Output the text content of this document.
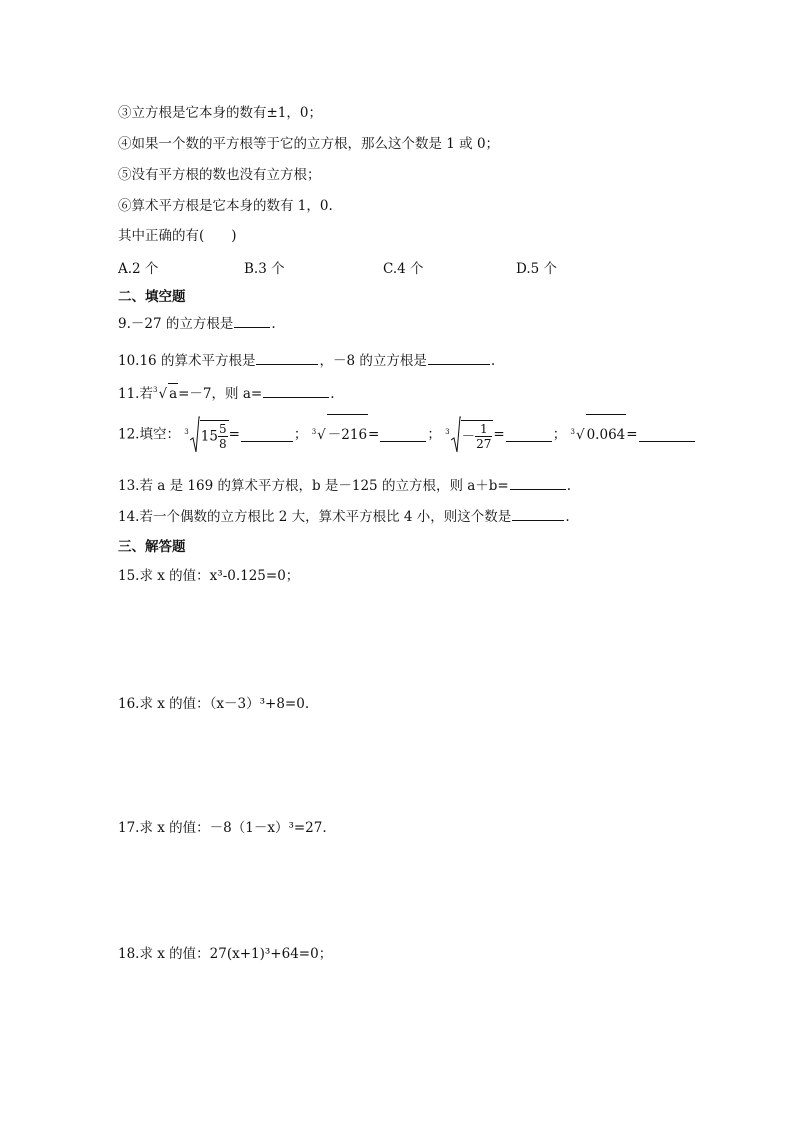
③立方根是它本身的数有±1，0；
④如果一个数的平方根等于它的立方根，那么这个数是 1 或 0；
⑤没有平方根的数也没有立方根；
⑥算术平方根是它本身的数有 1，0.
其中正确的有(　　)
A.2 个	B.3 个	C.4 个	D.5 个
二、填空题
9.－27 的立方根是	.
10.16 的算术平方根是	，－8 的立方根是	.
11.若$^3$√ a=－7，则 a=	.
12.填空： $^3$ $15 \frac{5}{8}$ =	； $^3$√ －216=	； $^3 - \frac{1}{27}$ =	； $^3$√ 0.064=
13.若 a 是 169 的算术平方根，b 是－125 的立方根，则 a＋b=	.
14.若一个偶数的立方根比 2 大，算术平方根比 4 小，则这个数是	.
三、解答题
15.求 x 的值：x³-0.125=0；
16.求 x 的值：（x－3）³+8=0.
17.求 x 的值：－8（1－x）³=27.
18.求 x 的值：27(x+1)³+64=0；
